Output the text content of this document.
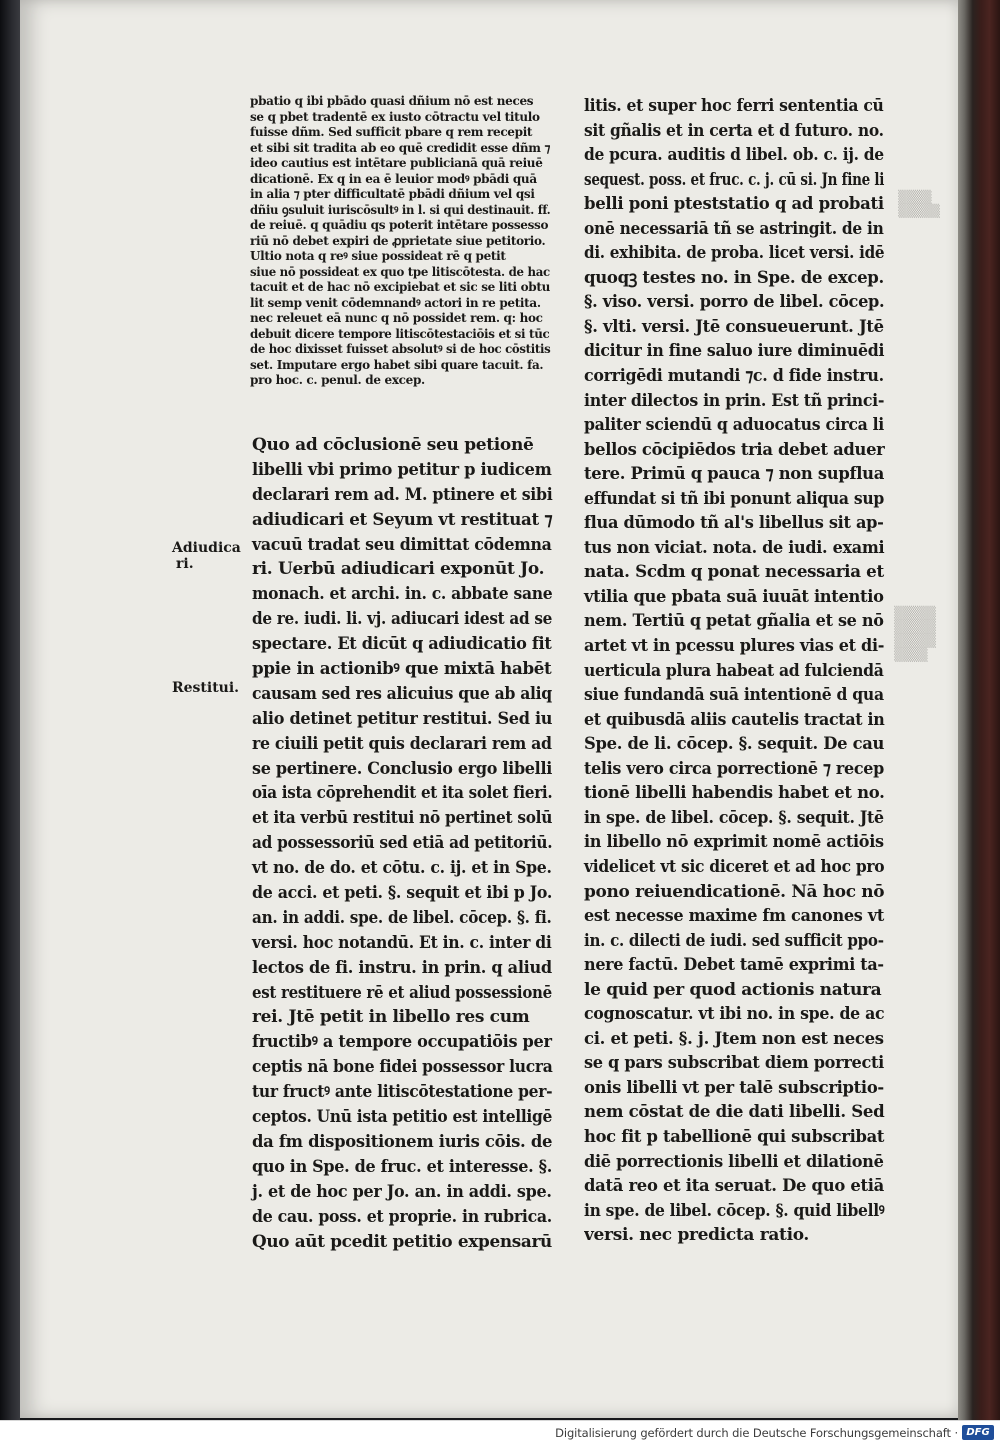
▒▒▒▒
▒▒▒▒▒
▒▒▒▒▒
▒▒▒▒▒
▒▒▒▒▒
▒▒▒▒

pbatio q ibi pbādo quasi dñium nō est neces

se q pbet tradentē ex iusto cōtractu vel titulo

fuisse dñm. Sed sufficit pbare q rem recepit

et sibi sit tradita ab eo quē credidit esse dñm ⁊

ideo cautius est intētare publicianā quā reiuē

dicationē. Ex q in ea ē leuior modꝰ pbādi quā

in alia ⁊ pter difficultatē pbādi dñium vel qsi

dñiu ꝯsuluit iuriscōsultꝰ in l. si qui destinauit. ff.

de reiuē. q quādiu qs poterit intētare possesso

riū nō debet expiri de ꝓprietate siue petitorio.

Ultio nota q reꝰ siue possideat rē q petit

siue nō possideat ex quo tpe litiscōtesta. de hac

tacuit et de hac nō excipiebat et sic se liti obtu

lit semp venit cōdemnandꝰ actori in re petita.

nec releuet eā nunc q nō possidet rem. q: hoc

debuit dicere tempore litiscōtestaciōis et si tūc

de hoc dixisset fuisset absolutꝰ si de hoc cōstitis

set. Imputare ergo habet sibi quare tacuit. fa.

pro hoc. c. penul. de excep.

Quo ad cōclusionē seu petionē

libelli vbi primo petitur p iudicem

declarari rem ad. M. ptinere et sibi

adiudicari et Seyum vt restituat ⁊

vacuū tradat seu dimittat cōdemna

ri. Uerbū adiudicari exponūt Jo.

monach. et archi. in. c. abbate sane

de re. iudi. li. vj. adiucari idest ad se

spectare. Et dicūt q adiudicatio fit

ppie in actionibꝰ que mixtā habēt

causam sed res alicuius que ab aliq

alio detinet petitur restitui. Sed iu

re ciuili petit quis declarari rem ad

se pertinere. Conclusio ergo libelli

oīa ista cōprehendit et ita solet fieri.

et ita verbū restitui nō pertinet solū

ad possessoriū sed etiā ad petitoriū.

vt no. de do. et cōtu. c. ij. et in Spe.

de acci. et peti. §. sequit et ibi p Jo.

an. in addi. spe. de libel. cōcep. §. fi.

versi. hoc notandū. Et in. c. inter di

lectos de fi. instru. in prin. q aliud

est restituere rē et aliud possessionē

rei. Jtē petit in libello res cum

fructibꝰ a tempore occupatiōis per

ceptis nā bone fidei possessor lucra

tur fructꝰ ante litiscōtestatione per-

ceptos. Unū ista petitio est intelligē

da fm dispositionem iuris cōis. de

quo in Spe. de fruc. et interesse. §.

j. et de hoc per Jo. an. in addi. spe.

de cau. poss. et proprie. in rubrica.

Quo aūt pcedit petitio expensarū

litis. et super hoc ferri sententia cū

sit gñalis et in certa et d futuro. no.

de pcura. auditis d libel. ob. c. ij. de

sequest. poss. et fruc. c. j. cū si. Jn fine li

belli poni pteststatio q ad probati

onē necessariā tñ se astringit. de in

di. exhibita. de proba. licet versi. idē

quoqꝫ testes no. in Spe. de excep.

§. viso. versi. porro de libel. cōcep.

§. vlti. versi. Jtē consueuerunt. Jtē

dicitur in fine saluo iure diminuēdi

corrigēdi mutandi ⁊c. d fide instru.

inter dilectos in prin. Est tñ princi-

paliter sciendū q aduocatus circa li

bellos cōcipiēdos tria debet aduer

tere. Primū q pauca ⁊ non supflua

effundat si tñ ibi ponunt aliqua sup

flua dūmodo tñ al's libellus sit ap-

tus non viciat. nota. de iudi. exami

nata. Scdm q ponat necessaria et

vtilia que pbata suā iuuāt intentio

nem. Tertiū q petat gñalia et se nō

artet vt in pcessu plures vias et di-

uerticula plura habeat ad fulciendā

siue fundandā suā intentionē d qua

et quibusdā aliis cautelis tractat in

Spe. de li. cōcep. §. sequit. De cau

telis vero circa porrectionē ⁊ recep

tionē libelli habendis habet et no.

in spe. de libel. cōcep. §. sequit. Jtē

in libello nō exprimit nomē actiōis

videlicet vt sic diceret et ad hoc pro

pono reiuendicationē. Nā hoc nō

est necesse maxime fm canones vt

in. c. dilecti de iudi. sed sufficit ppo-

nere factū. Debet tamē exprimi ta-

le quid per quod actionis natura

cognoscatur. vt ibi no. in spe. de ac

ci. et peti. §. j. Jtem non est neces

se q pars subscribat diem porrecti

onis libelli vt per talē subscriptio-

nem cōstat de die dati libelli. Sed

hoc fit p tabellionē qui subscribat

diē porrectionis libelli et dilationē

datā reo et ita seruat. De quo etiā

in spe. de libel. cōcep. §. quid libellꝰ

versi. nec predicta ratio.

Adiudica
ri.
Restitui.
Digitalisierung gefördert durch die Deutsche Forschungsgemeinschaft · DFG
